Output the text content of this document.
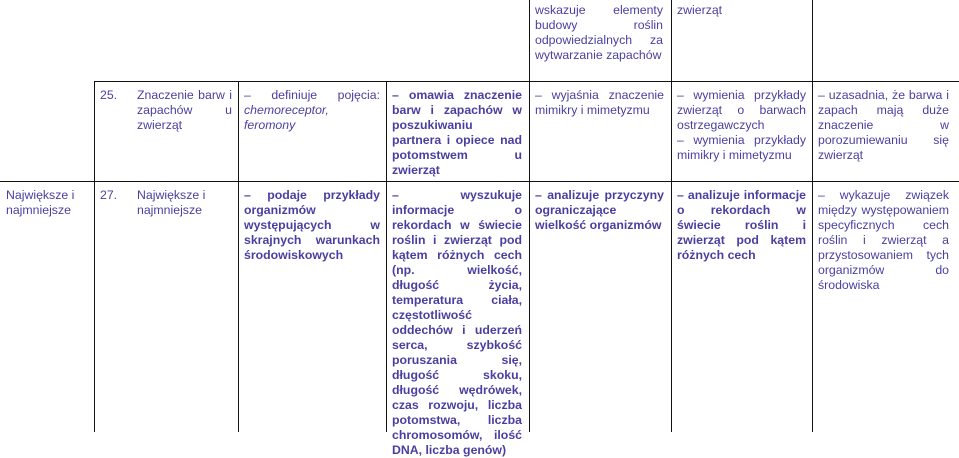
wskazuje elementy budowy roślin odpowiedzialnych za wytwarzanie zapachów
zwierząt
25.	Znaczenie barw i zapachów u zwierząt
– definiuje pojęcia: chemoreceptor, feromony
– omawia znaczenie barw i zapachów w poszukiwaniu partnera i opiece nad potomstwem u zwierząt
– wyjaśnia znaczenie mimikry i mimetyzmu
– wymienia przykłady zwierząt o barwach ostrzegawczych
– wymienia przykłady mimikry i mimetyzmu
– uzasadnia, że barwa i zapach mają duże znaczenie w porozumiewaniu się zwierząt
Największe i najmniejsze
27.	Największe i najmniejsze
– podaje przykłady organizmów występujących w skrajnych warunkach środowiskowych
– wyszukuje informacje o rekordach w świecie roślin i zwierząt pod kątem różnych cech (np. wielkość, długość życia, temperatura ciała, częstotliwość oddechów i uderzeń serca, szybkość poruszania się, długość skoku, długość wędrówek, czas rozwoju, liczba potomstwa, liczba chromosomów, ilość DNA, liczba genów)
– analizuje przyczyny ograniczające wielkość organizmów
– analizuje informacje o rekordach w świecie roślin i zwierząt pod kątem różnych cech
– wykazuje związek między występowaniem specyficznych cech roślin i zwierząt a przystosowaniem tych organizmów do środowiska
